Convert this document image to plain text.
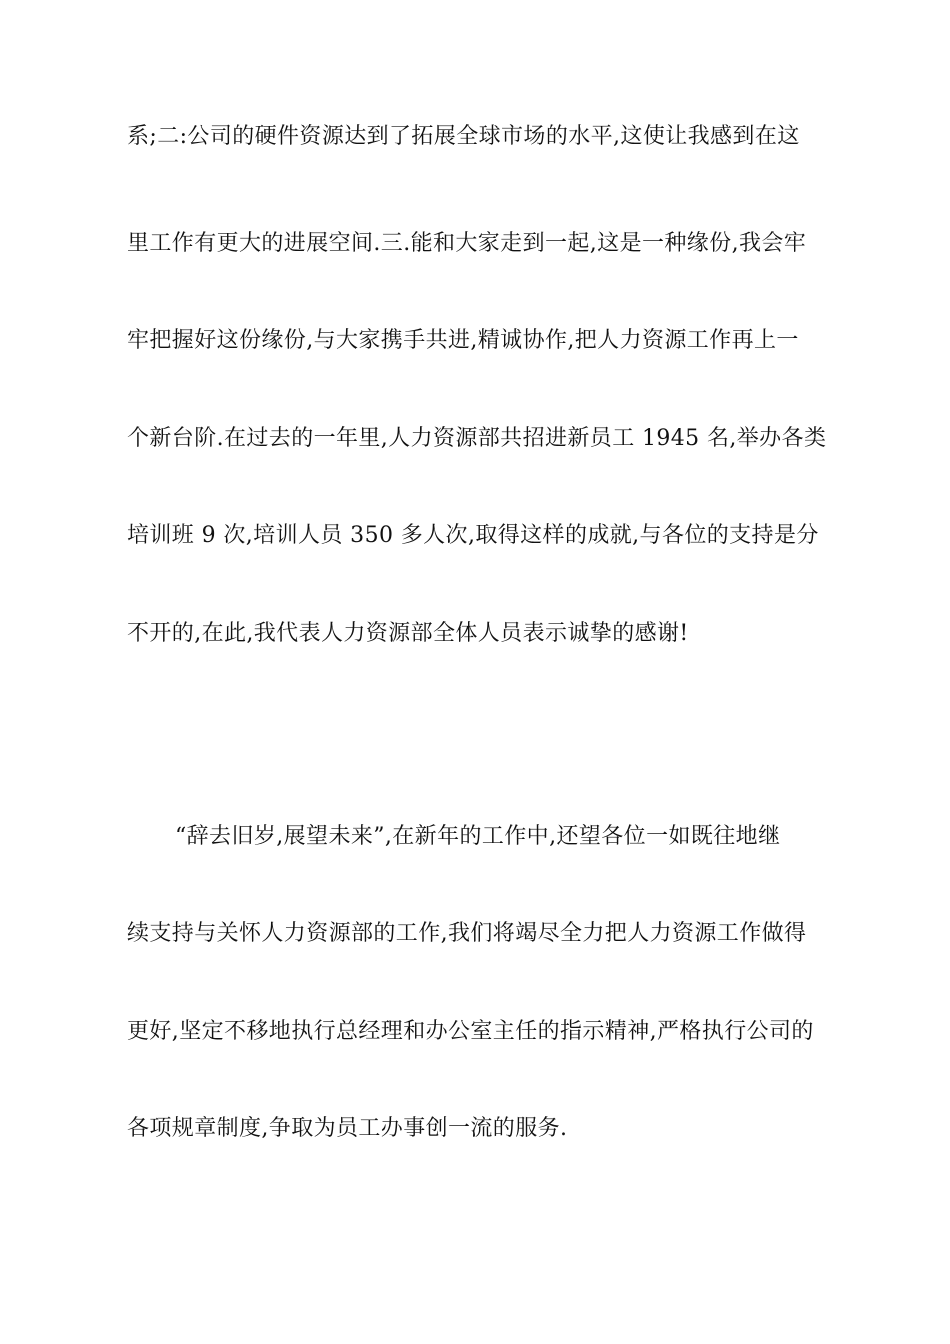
系;二:公司的硬件资源达到了拓展全球市场的水平,这使让我感到在这
里工作有更大的进展空间.三.能和大家走到一起,这是一种缘份,我会牢
牢把握好这份缘份,与大家携手共进,精诚协作,把人力资源工作再上一
个新台阶.在过去的一年里,人力资源部共招进新员工 1945 名,举办各类
培训班 9 次,培训人员 350 多人次,取得这样的成就,与各位的支持是分
不开的,在此,我代表人力资源部全体人员表示诚挚的感谢!
“辞去旧岁,展望未来”,在新年的工作中,还望各位一如既往地继
续支持与关怀人力资源部的工作,我们将竭尽全力把人力资源工作做得
更好,坚定不移地执行总经理和办公室主任的指示精神,严格执行公司的
各项规章制度,争取为员工办事创一流的服务.
